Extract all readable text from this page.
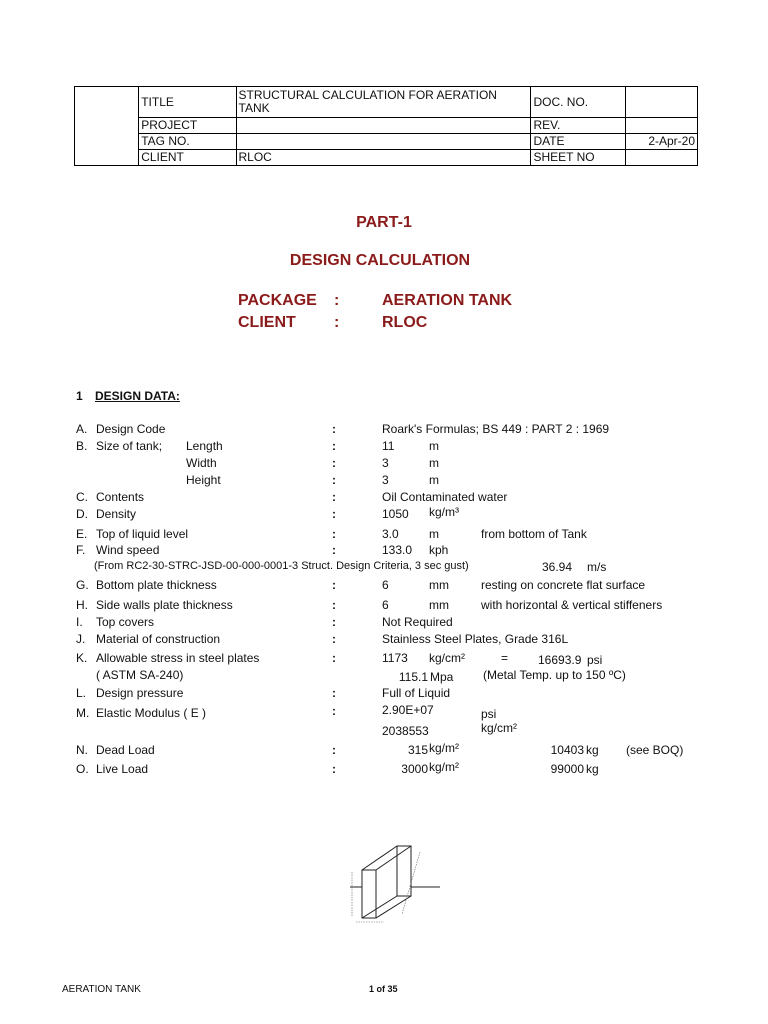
	TITLE	STRUCTURAL CALCULATION FOR AERATION TANK	DOC. NO.	
	PROJECT		REV.	
	TAG NO.		DATE	2-Apr-20
	CLIENT	RLOC	SHEET NO	
PART-1
DESIGN CALCULATION
PACKAGE :	AERATION TANK
CLIENT :	RLOC
1 DESIGN DATA:
A. Design Code	:	Roark's Formulas; BS 449 : PART 2 : 1969
B. Size of tank; Length	:	11	m
Width	:	3	m
Height	:	3	m
C. Contents	:	Oil Contaminated water
D. Density	:	1050 kg/m³
E. Top of liquid level	:	3.0	m	from bottom of Tank
F. Wind speed	:	133.0 kph
(From RC2-30-STRC-JSD-00-000-0001-3 Struct. Design Criteria, 3 sec gust)	36.94 m/s
G. Bottom plate thickness	:	6	mm	resting on concrete flat surface
H. Side walls plate thickness	:	6	mm	with horizontal & vertical stiffeners
I. Top covers	:	Not Required
J. Material of construction	:	Stainless Steel Plates, Grade 316L
K. Allowable stress in steel plates	:	1173 kg/cm²	= 16693.9 psi
( ASTM SA-240)	115.1 Mpa (Metal Temp. up to 150 ºC)
L. Design pressure	:	Full of Liquid
M. Elastic Modulus ( E )	:	2.90E+07	psi
2038553	kg/cm²
N. Dead Load	:	315 kg/m²	10403 kg (see BOQ)
O. Live Load	:	3000 kg/m²	99000 kg
AERATION TANK	1 of 35
